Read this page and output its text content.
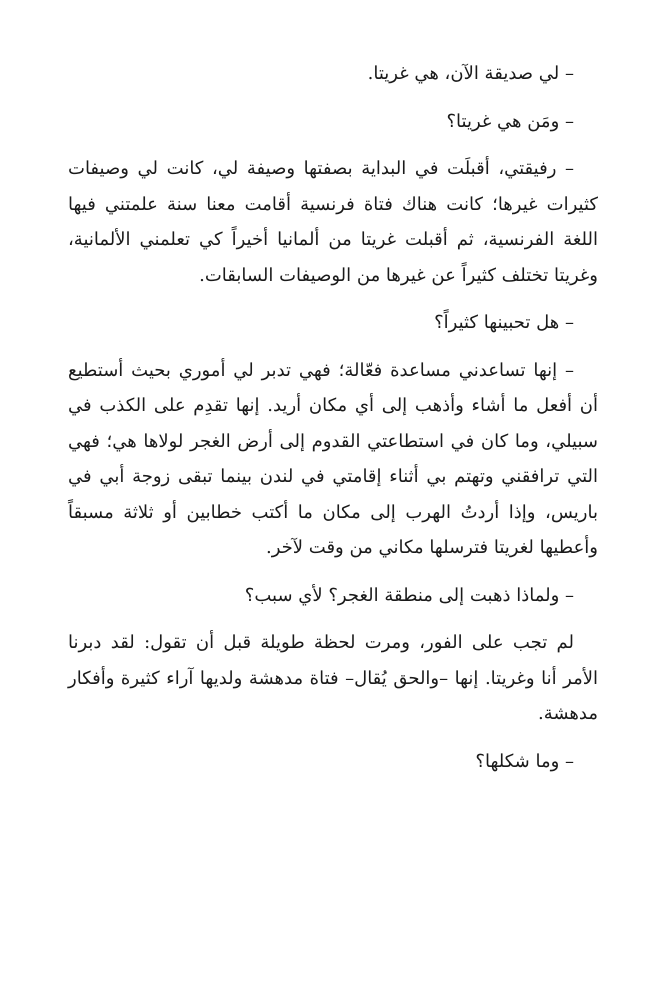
– لي صديقة الآن، هي غريتا.

– ومَن هي غريتا؟

– رفيقتي، أقبلَت في البداية بصفتها وصيفة لي، كانت لي وصيفات كثيرات غيرها؛ كانت هناك فتاة فرنسية أقامت معنا سنة علمتني فيها اللغة الفرنسية، ثم أقبلت غريتا من ألمانيا أخيراً كي تعلمني الألمانية، وغريتا تختلف كثيراً عن غيرها من الوصيفات السابقات.

– هل تحبينها كثيراً؟

– إنها تساعدني مساعدة فعّالة؛ فهي تدبر لي أموري بحيث أستطيع أن أفعل ما أشاء وأذهب إلى أي مكان أريد. إنها تقدِم على الكذب في سبيلي، وما كان في استطاعتي القدوم إلى أرض الغجر لولاها هي؛ فهي التي ترافقني وتهتم بي أثناء إقامتي في لندن بينما تبقى زوجة أبي في باريس، وإذا أردتُ الهرب إلى مكان ما أكتب خطابين أو ثلاثة مسبقاً وأعطيها لغريتا فترسلها مكاني من وقت لآخر.

– ولماذا ذهبت إلى منطقة الغجر؟ لأي سبب؟

لم تجب على الفور، ومرت لحظة طويلة قبل أن تقول: لقد دبرنا الأمر أنا وغريتا. إنها –والحق يُقال– فتاة مدهشة ولديها آراء كثيرة وأفكار مدهشة.

– وما شكلها؟
